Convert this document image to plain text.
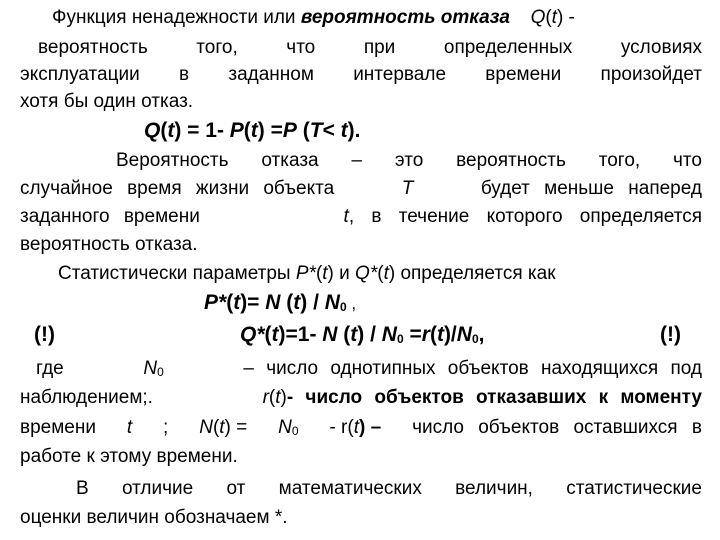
Функция ненадежности или вероятность отказа Q(t) -
вероятность того, что при определенных условиях
эксплуатации в заданном интервале времени произойдет
хотя бы один отказ.
Q(t) = 1- P(t) =P (T< t).
Вероятность отказа – это вероятность того, что
случайное время жизни объекта	T	будет меньше наперед
заданного времени	t, в течение которого определяется
вероятность отказа.
Статистически параметры P*(t) и Q*(t) определяется как
P*(t)= N $(t) / N_0$ ,
(!)	Q*(t)=1- N $(t) / N_0 =r(t)/N_0$,	(!)
где	$N_0$	– число однотипных объектов находящихся под
наблюдением;.	r(t)- число объектов отказавших к моменту
времени t ; $N(t) = N_0 - r(t)$ – число объектов оставшихся в
работе к этому времени.
В отличие от математических величин, статистические
оценки величин обозначаем *.
